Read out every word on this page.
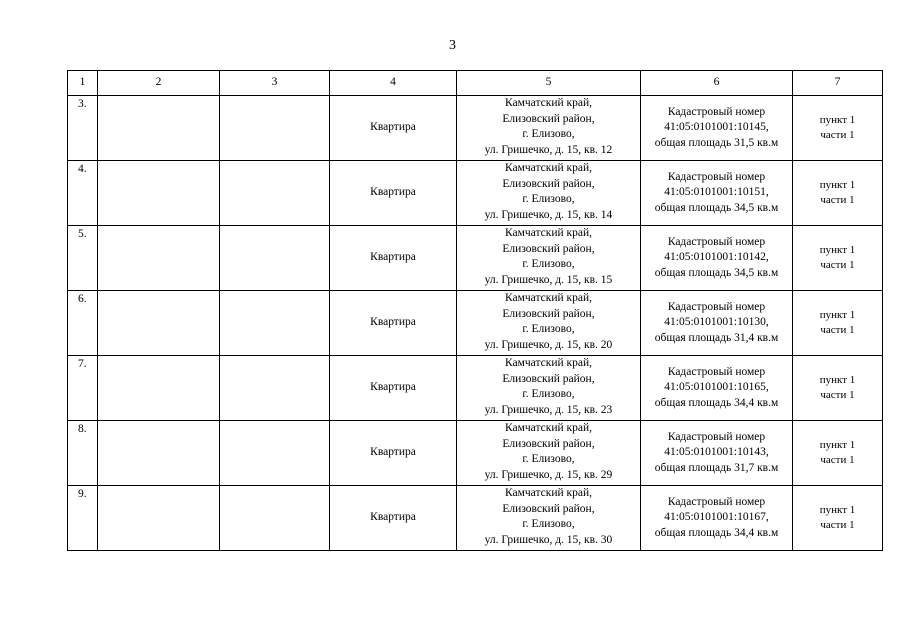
3
1	2	3	4	5	6	7
3.			Квартира	Камчатский край,
Елизовский район,
г. Елизово,
ул. Гришечко, д. 15, кв. 12	Кадастровый номер
41:05:0101001:10145,
общая площадь 31,5 кв.м	пункт 1
части 1

4.			Квартира	Камчатский край,
Елизовский район,
г. Елизово,
ул. Гришечко, д. 15, кв. 14	Кадастровый номер
41:05:0101001:10151,
общая площадь 34,5 кв.м	пункт 1
части 1

5.			Квартира	Камчатский край,
Елизовский район,
г. Елизово,
ул. Гришечко, д. 15, кв. 15	Кадастровый номер
41:05:0101001:10142,
общая площадь 34,5 кв.м	пункт 1
части 1

6.			Квартира	Камчатский край,
Елизовский район,
г. Елизово,
ул. Гришечко, д. 15, кв. 20	Кадастровый номер
41:05:0101001:10130,
общая площадь 31,4 кв.м	пункт 1
части 1

7.			Квартира	Камчатский край,
Елизовский район,
г. Елизово,
ул. Гришечко, д. 15, кв. 23	Кадастровый номер
41:05:0101001:10165,
общая площадь 34,4 кв.м	пункт 1
части 1

8.			Квартира	Камчатский край,
Елизовский район,
г. Елизово,
ул. Гришечко, д. 15, кв. 29	Кадастровый номер
41:05:0101001:10143,
общая площадь 31,7 кв.м	пункт 1
части 1

9.			Квартира	Камчатский край,
Елизовский район,
г. Елизово,
ул. Гришечко, д. 15, кв. 30	Кадастровый номер
41:05:0101001:10167,
общая площадь 34,4 кв.м	пункт 1
части 1
